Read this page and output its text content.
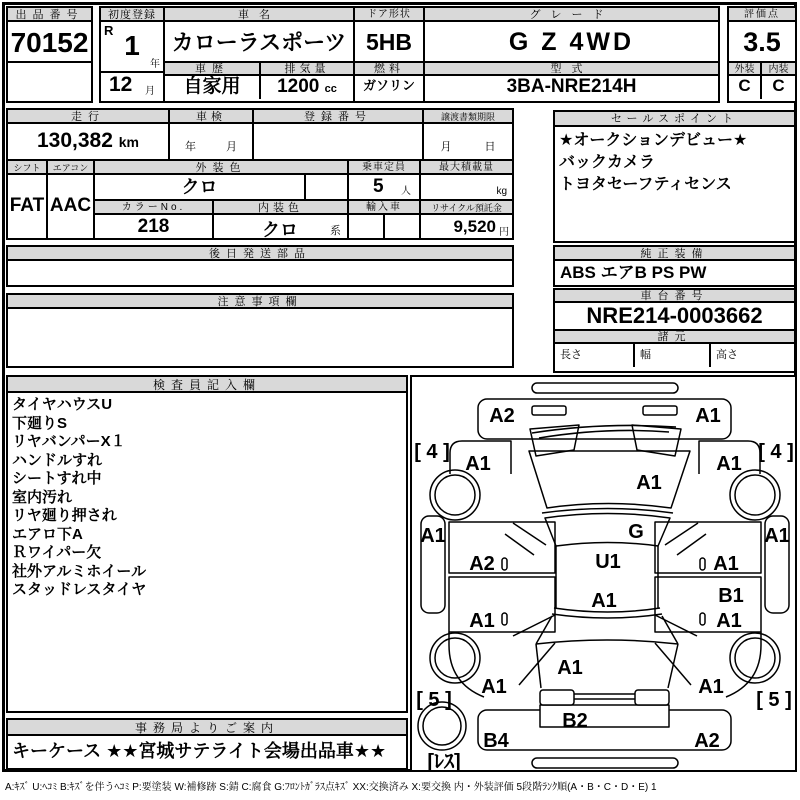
出品番号
70152
初度登録
R 1
年
12 月
車名
カローラスポーツ
車歴
自家用
排気量
1200 cc
ドア形状
5HB
燃料
ガソリン
グレード
G Z 4WD
型式
3BA-NRE214H
評価点
3.5
外装
C
内装
C
走行
130,382 km
車検
年	月
登録番号	譲渡書類期限
月	日
シフト
FAT
エアコン
AAC
外装色	乗車定員	最大積載量
クロ	5 人	kg
カラーNo.	内装色	輸入車	リサイクル預託金
218	クロ	系	9,520 円
後日発送部品
注意事項欄
セールスポイント
★オークションデビュー★
バックカメラ
トヨタセーフティセンス
純正装備
ABS エアB PS PW
車台番号
NRE214-0003662
諸元
長さ	幅	高さ
検査員記入欄
タイヤハウスU
下廻りS
リヤバンパーX１
ハンドルすれ
シートすれ中
室内汚れ
リヤ廻り押され
エアロ下A
Ｒワイパー欠
社外アルミホイール
スタッドレスタイヤ
事務局よりご案内
キーケース ★★宮城サテライト会場出品車★★
A2	A1
[ 4 ]	[ 4 ]
A1	A1
A1
G
U1
A1
A1	A1
A2
A1
A1
B1
A1
A1
A1	A1
[ 5 ]	[ 5 ]
B2
B4	A2
[ﾚｽ]
A:ｷｽﾞ U:ﾍｺﾐ B:ｷｽﾞを伴うﾍｺﾐ P:要塗装 W:補修跡 S:錆 C:腐食 G:ﾌﾛﾝﾄｶﾞﾗｽ点ｷｽﾞ XX:交換済み X:要交換 内・外装評価 5段階ﾗﾝｸ順(A・B・C・D・E) 1
